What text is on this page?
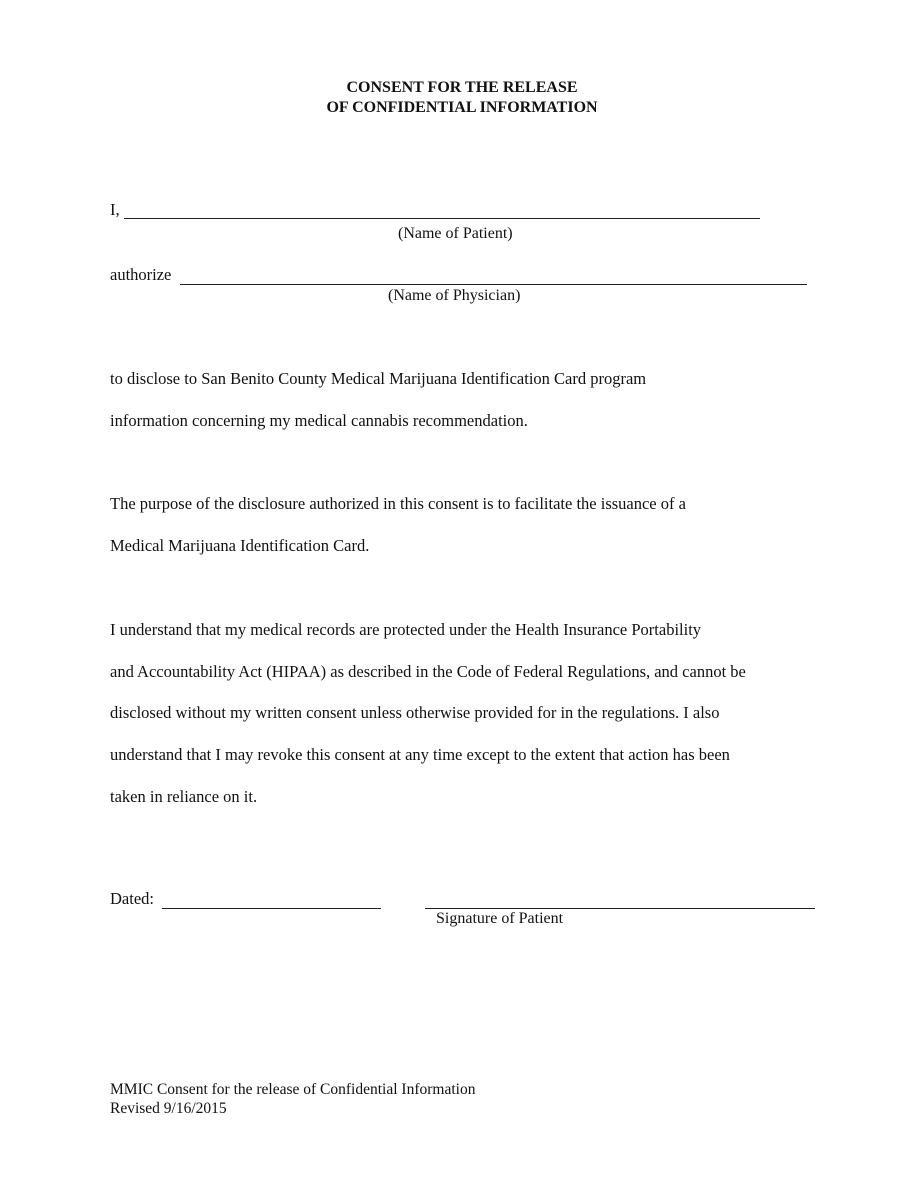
CONSENT FOR THE RELEASE
OF CONFIDENTIAL INFORMATION
I,
(Name of Patient)
authorize
(Name of Physician)
to disclose to San Benito County Medical Marijuana Identification Card program
information concerning my medical cannabis recommendation.
The purpose of the disclosure authorized in this consent is to facilitate the issuance of a
Medical Marijuana Identification Card.
I understand that my medical records are protected under the Health Insurance Portability
and Accountability Act (HIPAA) as described in the Code of Federal Regulations, and cannot be
disclosed without my written consent unless otherwise provided for in the regulations. I also
understand that I may revoke this consent at any time except to the extent that action has been
taken in reliance on it.
Dated:
Signature of Patient
MMIC Consent for the release of Confidential Information
Revised 9/16/2015
